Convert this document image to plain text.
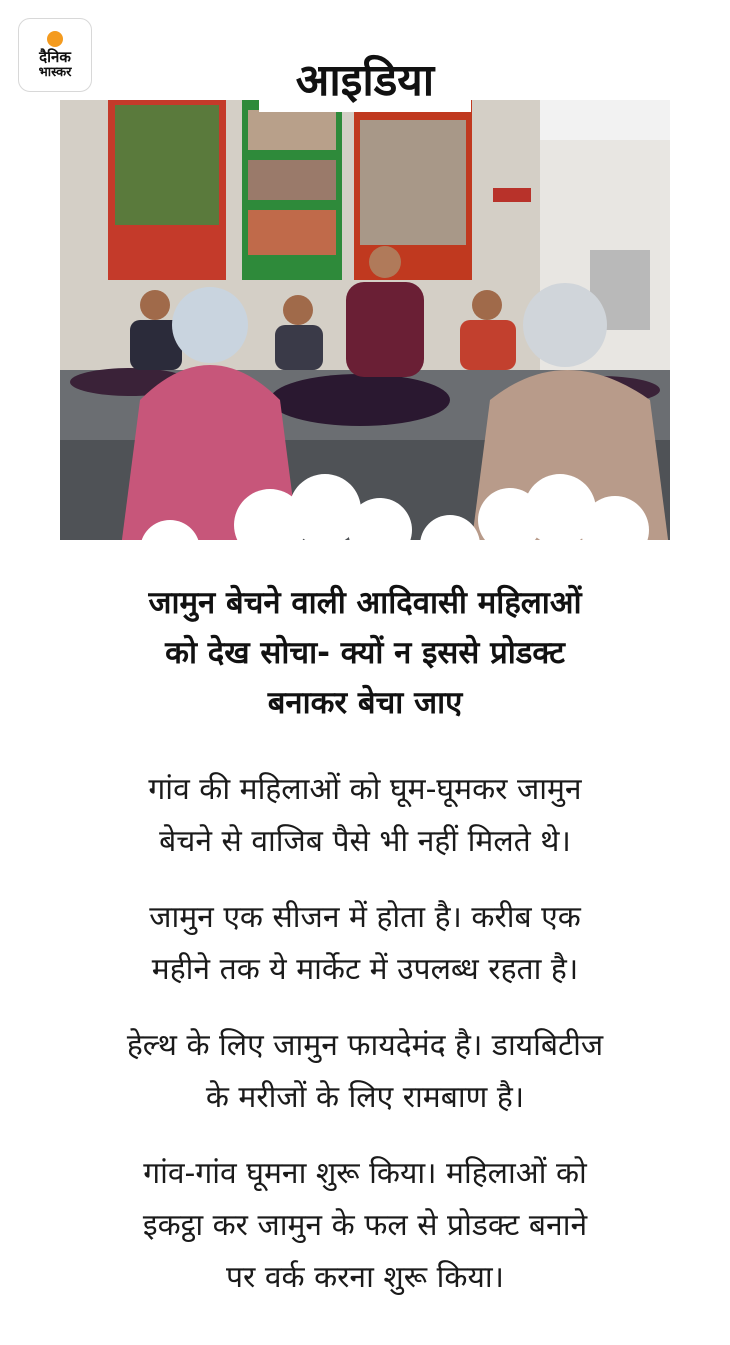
दैनिक
भास्कर	आइडिया
जामुन बेचने वाली आदिवासी महिलाओं
को देख सोचा- क्यों न इससे प्रोडक्ट
बनाकर बेचा जाए
गांव की महिलाओं को घूम-घूमकर जामुन
बेचने से वाजिब पैसे भी नहीं मिलते थे।
जामुन एक सीजन में होता है। करीब एक
महीने तक ये मार्केट में उपलब्ध रहता है।
हेल्थ के लिए जामुन फायदेमंद है। डायबिटीज
के मरीजों के लिए रामबाण है।
गांव-गांव घूमना शुरू किया। महिलाओं को
इकट्ठा कर जामुन के फल से प्रोडक्ट बनाने
पर वर्क करना शुरू किया।
